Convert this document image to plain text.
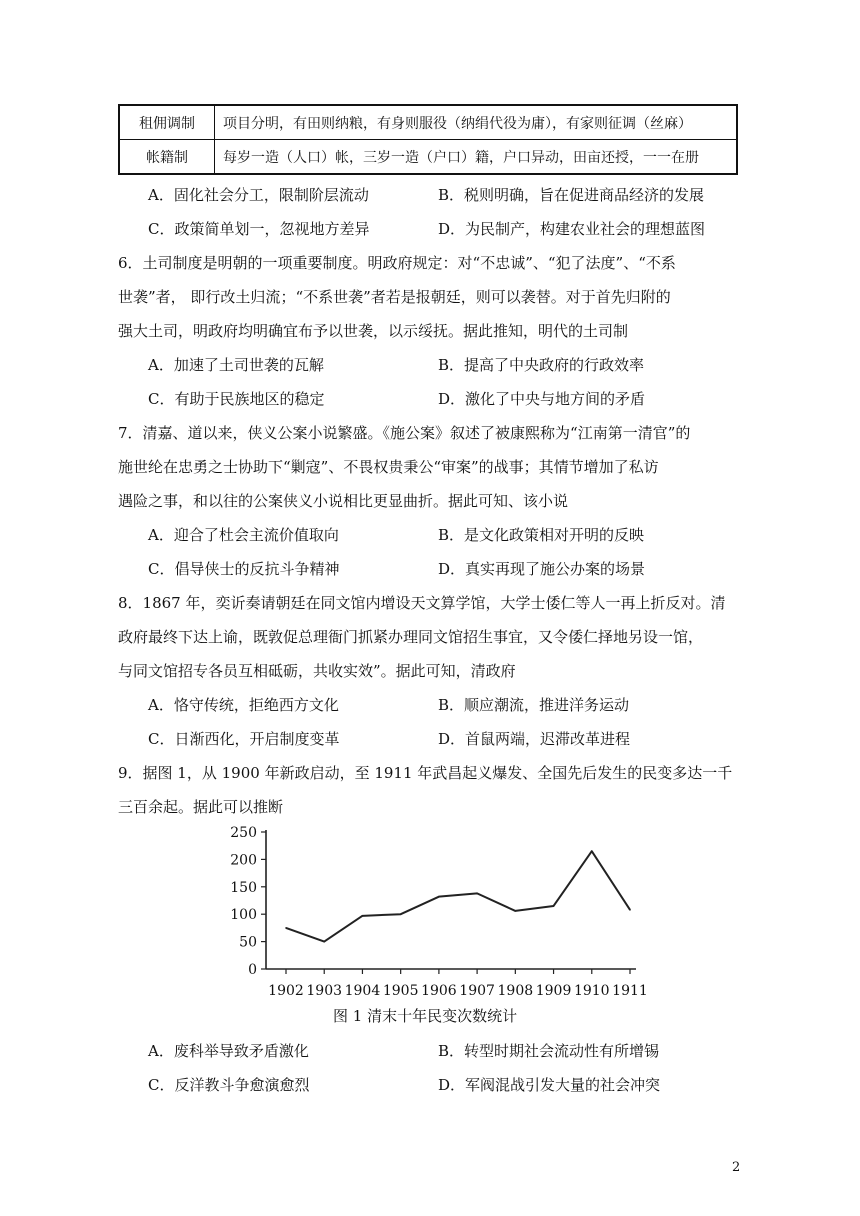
租佣调制	项目分明，有田则纳粮，有身则服役（纳绢代役为庸），有家则征调（丝麻）
帐籍制	每岁一造（人口）帐，三岁一造（户口）籍，户口异动，田亩还授，一一在册
A．固化社会分工，限制阶层流动	B．税则明确，旨在促进商品经济的发展
C．政策简单划一，忽视地方差异	D．为民制产，构建农业社会的理想蓝图
6．土司制度是明朝的一项重要制度。明政府规定：对“不忠诚”、“犯了法度”、“不系
世袭”者， 即行改土归流；“不系世袭”者若是报朝廷，则可以袭替。对于首先归附的
强大土司，明政府均明确宜布予以世袭，以示绥抚。据此推知，明代的土司制
A．加速了土司世袭的瓦解	B．提高了中央政府的行政效率
C．有助于民族地区的稳定	D．激化了中央与地方间的矛盾
7．清嘉、道以来，侠义公案小说繁盛。《施公案》叙述了被康熙称为“江南第一清官”的
施世纶在忠勇之士协助下“剿寇”、不畏权贵秉公“审案”的战事；其情节增加了私访
遇险之事，和以往的公案侠义小说相比更显曲折。据此可知、该小说
A．迎合了杜会主流价值取向	B．是文化政策相对开明的反映
C．倡导侠士的反抗斗争精神	D．真实再现了施公办案的场景
8．1867 年，奕䜣奏请朝廷在同文馆内增设天文算学馆，大学士倭仁等人一再上折反对。清
政府最终下达上谕，既敦促总理衙门抓紧办理同文馆招生事宜，又令倭仁择地另设一馆，
与同文馆招专各员互相砥砺，共收实效”。据此可知，清政府
A．恪守传统，拒绝西方文化	B．顺应潮流，推进洋务运动
C．日渐西化，开启制度变革	D．首鼠两端，迟滞改革进程
9．据图 1，从 1900 年新政启动，至 1911 年武昌起义爆发、全国先后发生的民变多达一千
三百余起。据此可以推断
0
50
100
150
200
250
1902 1903 1904 1905 1906 1907 1908 1909 1910 1911
图 1 清末十年民变次数统计
A．废科举导致矛盾激化	B．转型时期社会流动性有所增锡
C．反洋教斗争愈演愈烈	D．军阀混战引发大量的社会冲突
2
